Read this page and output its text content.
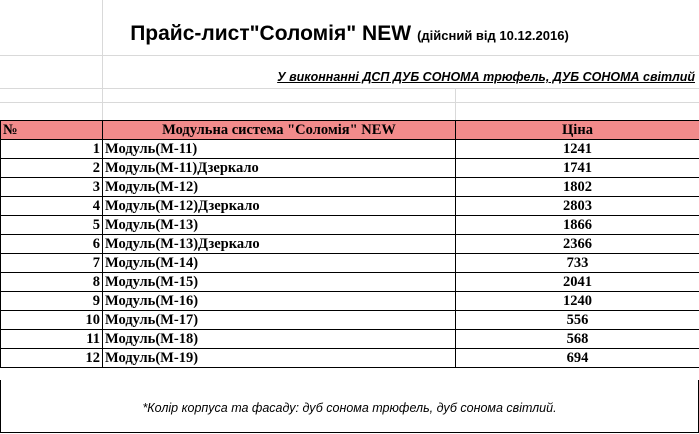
Прайс-лист"Соломія" NEW (дійсний від 10.12.2016)
У виконнанні ДСП ДУБ СОНОМА трюфель, ДУБ СОНОМА світлий
№	Модульна система "Соломія" NEW	Ціна
1	Модуль(М-11)	1241
2	Модуль(М-11)Дзеркало	1741
3	Модуль(М-12)	1802
4	Модуль(М-12)Дзеркало	2803
5	Модуль(М-13)	1866
6	Модуль(М-13)Дзеркало	2366
7	Модуль(М-14)	733
8	Модуль(М-15)	2041
9	Модуль(М-16)	1240
10	Модуль(М-17)	556
11	Модуль(М-18)	568
12	Модуль(М-19)	694
*Колір корпуса та фасаду: дуб сонома трюфель, дуб сонома світлий.
